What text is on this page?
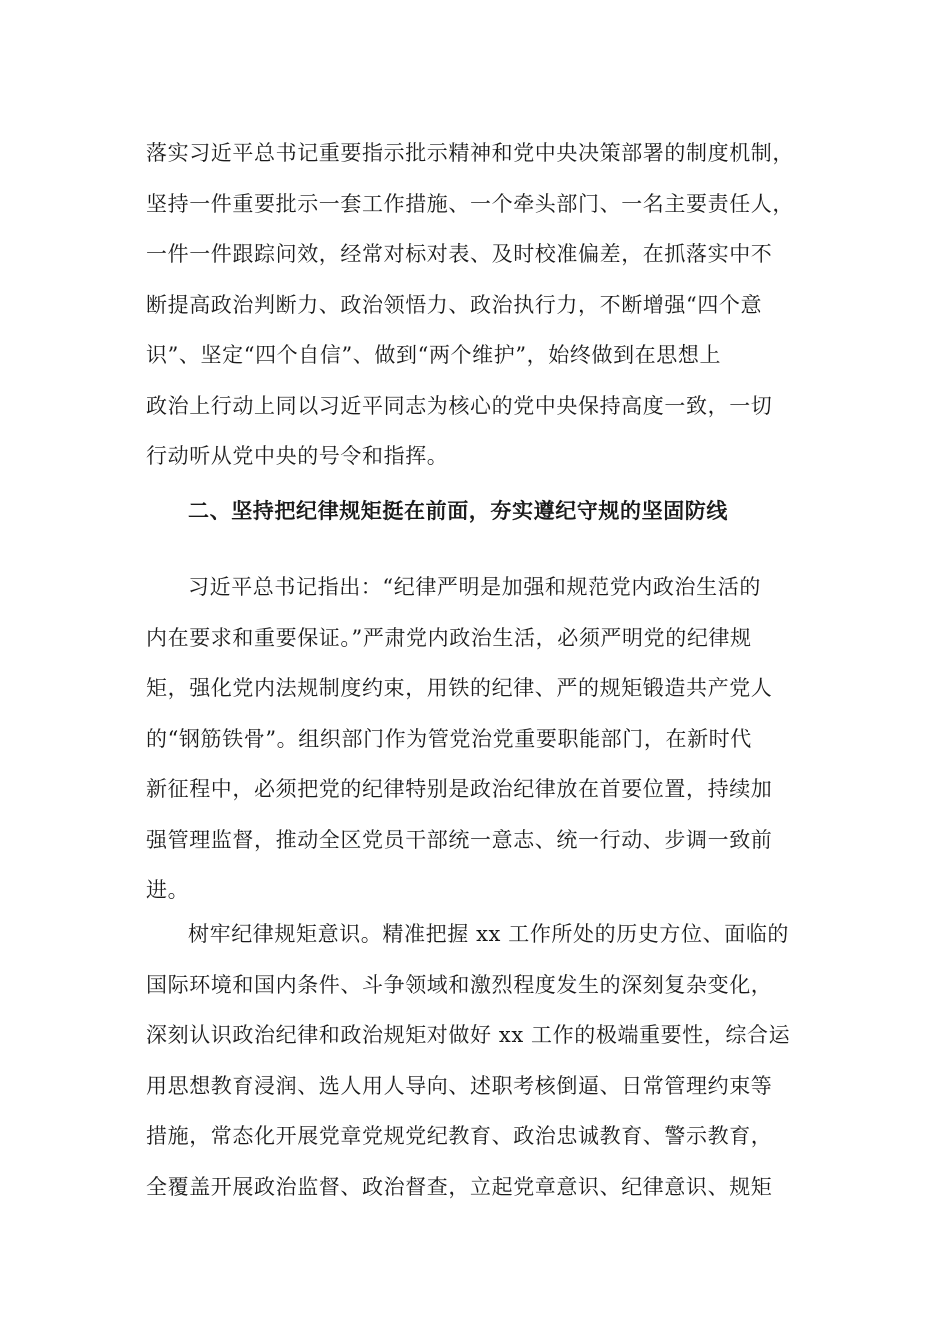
落实习近平总书记重要指示批示精神和党中央决策部署的制度机制，
坚持一件重要批示一套工作措施、一个牵头部门、一名主要责任人，
一件一件跟踪问效，经常对标对表、及时校准偏差，在抓落实中不
断提高政治判断力、政治领悟力、政治执行力，不断增强“四个意
识”、坚定“四个自信”、做到“两个维护”，始终做到在思想上
政治上行动上同以习近平同志为核心的党中央保持高度一致，一切
行动听从党中央的号令和指挥。
二、坚持把纪律规矩挺在前面，夯实遵纪守规的坚固防线
习近平总书记指出：“纪律严明是加强和规范党内政治生活的
内在要求和重要保证。”严肃党内政治生活，必须严明党的纪律规
矩，强化党内法规制度约束，用铁的纪律、严的规矩锻造共产党人
的“钢筋铁骨”。组织部门作为管党治党重要职能部门，在新时代
新征程中，必须把党的纪律特别是政治纪律放在首要位置，持续加
强管理监督，推动全区党员干部统一意志、统一行动、步调一致前
进。
树牢纪律规矩意识。精准把握 xx 工作所处的历史方位、面临的
国际环境和国内条件、斗争领域和激烈程度发生的深刻复杂变化，
深刻认识政治纪律和政治规矩对做好 xx 工作的极端重要性，综合运
用思想教育浸润、选人用人导向、述职考核倒逼、日常管理约束等
措施，常态化开展党章党规党纪教育、政治忠诚教育、警示教育，
全覆盖开展政治监督、政治督查，立起党章意识、纪律意识、规矩
